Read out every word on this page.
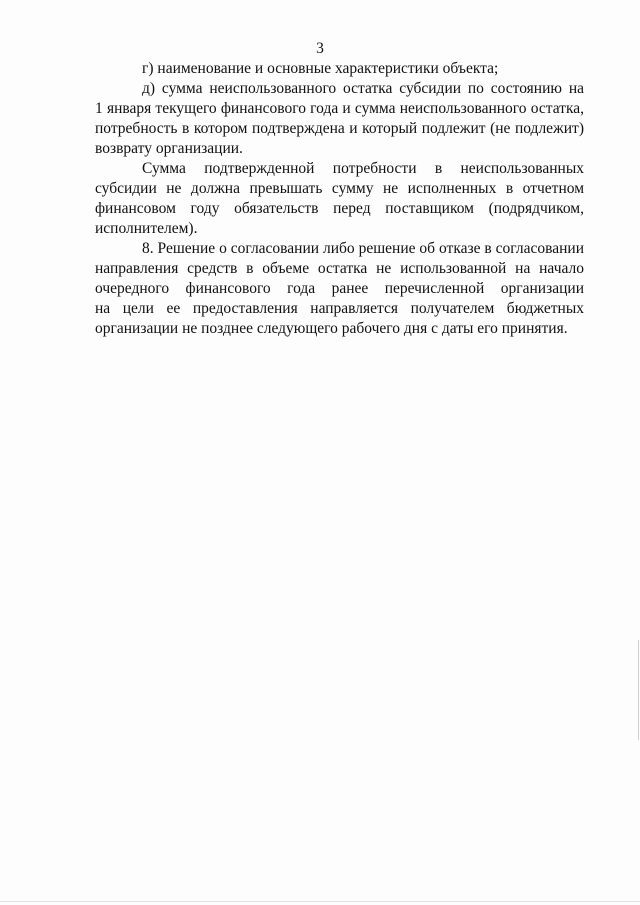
3

г) наименование и основные характеристики объекта;

д) сумма неиспользованного остатка субсидии по состоянию на
1 января текущего финансового года и сумма неиспользованного остатка,
потребность в котором подтверждена и который подлежит (не подлежит)
возврату организации.

Сумма подтвержденной потребности в неиспользованных
субсидии не должна превышать сумму не исполненных в отчетном
финансовом году обязательств перед поставщиком (подрядчиком,
исполнителем).

8. Решение о согласовании либо решение об отказе в согласовании
направления средств в объеме остатка не использованной на начало
очередного финансового года ранее перечисленной организации
на цели ее предоставления направляется получателем бюджетных
организации не позднее следующего рабочего дня с даты его принятия.
